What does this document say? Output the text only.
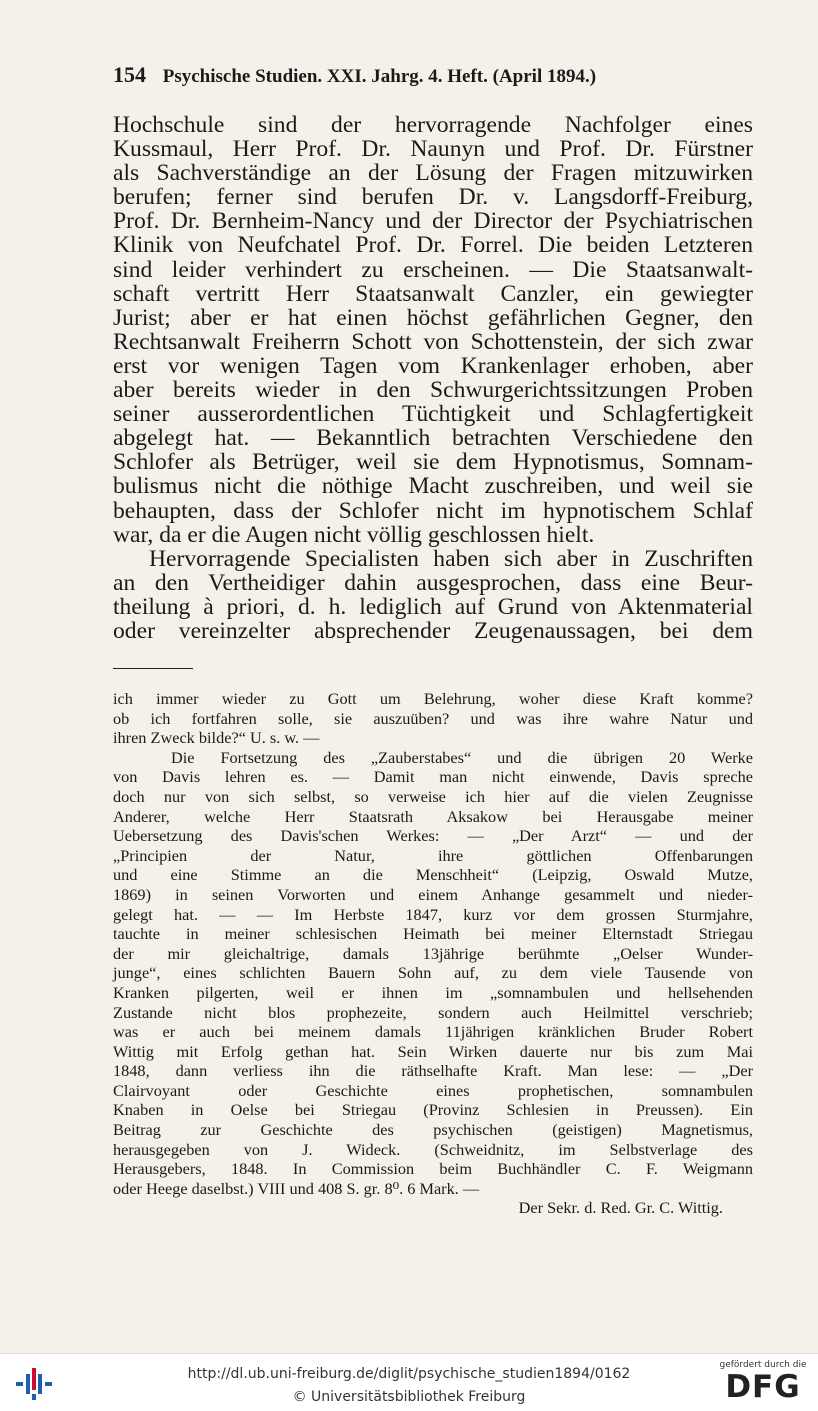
154 Psychische Studien. XXI. Jahrg. 4. Heft. (April 1894.)
Hochschule sind der hervorragende Nachfolger eines
Kussmaul, Herr Prof. Dr. Naunyn und Prof. Dr. Fürstner
als Sachverständige an der Lösung der Fragen mitzuwirken
berufen; ferner sind berufen Dr. v. Langsdorff-Freiburg,
Prof. Dr. Bernheim-Nancy und der Director der Psychiatrischen
Klinik von Neufchatel Prof. Dr. Forrel. Die beiden Letzteren
sind leider verhindert zu erscheinen. — Die Staatsanwalt-
schaft vertritt Herr Staatsanwalt Canzler, ein gewiegter
Jurist; aber er hat einen höchst gefährlichen Gegner, den
Rechtsanwalt Freiherrn Schott von Schottenstein, der sich zwar
erst vor wenigen Tagen vom Krankenlager erhoben, aber
aber bereits wieder in den Schwurgerichtssitzungen Proben
seiner ausserordentlichen Tüchtigkeit und Schlagfertigkeit
abgelegt hat. — Bekanntlich betrachten Verschiedene den
Schlofer als Betrüger, weil sie dem Hypnotismus, Somnam-
bulismus nicht die nöthige Macht zuschreiben, und weil sie
behaupten, dass der Schlofer nicht im hypnotischem Schlaf
war, da er die Augen nicht völlig geschlossen hielt.
Hervorragende Specialisten haben sich aber in Zuschriften
an den Vertheidiger dahin ausgesprochen, dass eine Beur-
theilung à priori, d. h. lediglich auf Grund von Aktenmaterial
oder vereinzelter absprechender Zeugenaussagen, bei dem
ich immer wieder zu Gott um Belehrung, woher diese Kraft komme?
ob ich fortfahren solle, sie auszuüben? und was ihre wahre Natur und
ihren Zweck bilde?“ U. s. w. —
Die Fortsetzung des „Zauberstabes“ und die übrigen 20 Werke
von Davis lehren es. — Damit man nicht einwende, Davis spreche
doch nur von sich selbst, so verweise ich hier auf die vielen Zeugnisse
Anderer, welche Herr Staatsrath Aksakow bei Herausgabe meiner
Uebersetzung des Davis'schen Werkes: — „Der Arzt“ — und der
„Principien der Natur, ihre göttlichen Offenbarungen
und eine Stimme an die Menschheit“ (Leipzig, Oswald Mutze,
1869) in seinen Vorworten und einem Anhange gesammelt und nieder-
gelegt hat. — — Im Herbste 1847, kurz vor dem grossen Sturmjahre,
tauchte in meiner schlesischen Heimath bei meiner Elternstadt Striegau
der mir gleichaltrige, damals 13jährige berühmte „Oelser Wunder-
junge“, eines schlichten Bauern Sohn auf, zu dem viele Tausende von
Kranken pilgerten, weil er ihnen im „somnambulen und hellsehenden
Zustande nicht blos prophezeite, sondern auch Heilmittel verschrieb;
was er auch bei meinem damals 11jährigen kränklichen Bruder Robert
Wittig mit Erfolg gethan hat. Sein Wirken dauerte nur bis zum Mai
1848, dann verliess ihn die räthselhafte Kraft. Man lese: — „Der
Clairvoyant oder Geschichte eines prophetischen, somnambulen
Knaben in Oelse bei Striegau (Provinz Schlesien in Preussen). Ein
Beitrag zur Geschichte des psychischen (geistigen) Magnetismus,
herausgegeben von J. Wideck. (Schweidnitz, im Selbstverlage des
Herausgebers, 1848. In Commission beim Buchhändler C. F. Weigmann
oder Heege daselbst.) VIII und 408 S. gr. 8⁰. 6 Mark. —
Der Sekr. d. Red. Gr. C. Wittig.
http://dl.ub.uni-freiburg.de/diglit/psychische_studien1894/0162
© Universitätsbibliothek Freiburg
gefördert durch die
DFG
